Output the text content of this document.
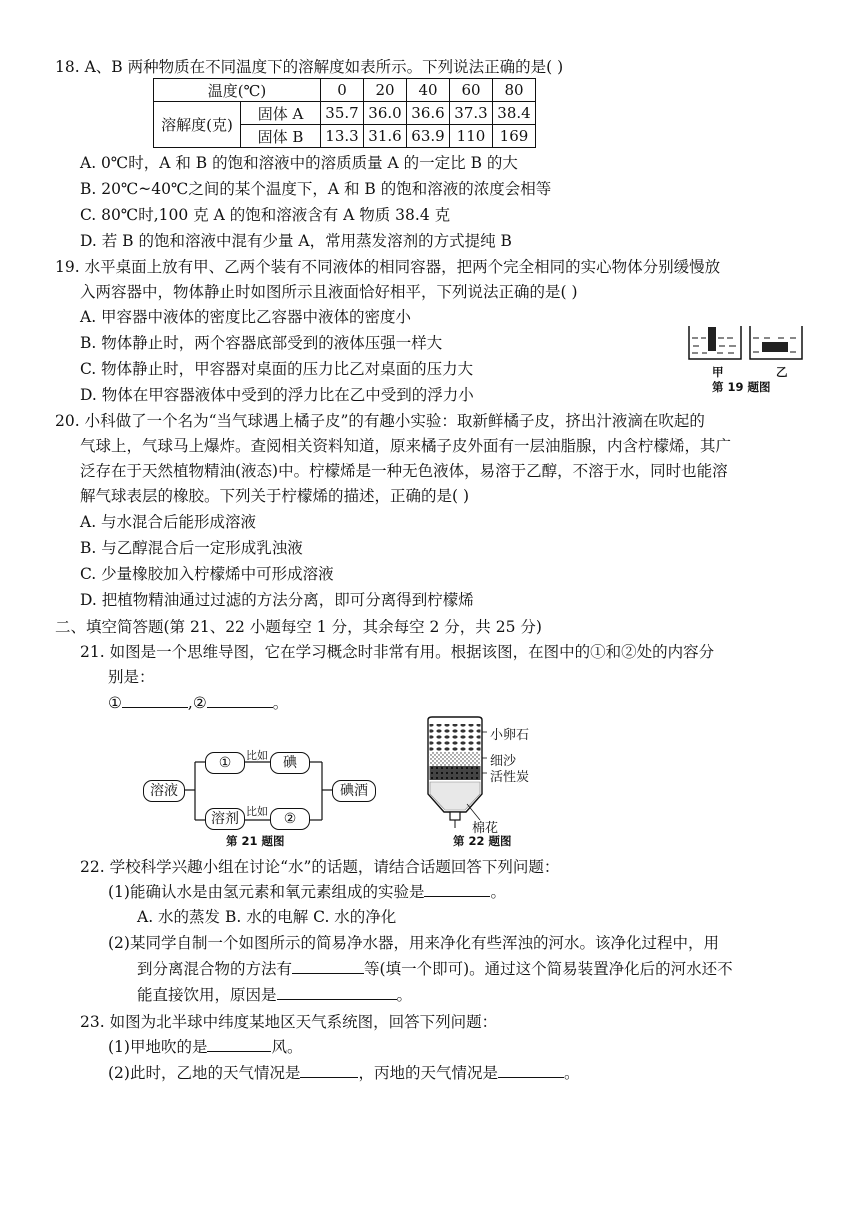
18. A、B 两种物质在不同温度下的溶解度如表所示。下列说法正确的是( )
温度(℃)		0	20	40	60	80
溶解度(克)	固体 A	35.7	36.0	36.6	37.3	38.4
	固体 B	13.3	31.6	63.9	110	169
A. 0℃时，A 和 B 的饱和溶液中的溶质质量 A 的一定比 B 的大
B. 20℃~40℃之间的某个温度下，A 和 B 的饱和溶液的浓度会相等
C. 80℃时,100 克 A 的饱和溶液含有 A 物质 38.4 克
D. 若 B 的饱和溶液中混有少量 A，常用蒸发溶剂的方式提纯 B
19. 水平桌面上放有甲、乙两个装有不同液体的相同容器，把两个完全相同的实心物体分别缓慢放
入两容器中，物体静止时如图所示且液面恰好相平，下列说法正确的是( )
A. 甲容器中液体的密度比乙容器中液体的密度小
B. 物体静止时，两个容器底部受到的液体压强一样大
C. 物体静止时，甲容器对桌面的压力比乙对桌面的压力大
D. 物体在甲容器液体中受到的浮力比在乙中受到的浮力小
甲	乙
第 19 题图
20. 小科做了一个名为“当气球遇上橘子皮”的有趣小实验：取新鲜橘子皮，挤出汁液滴在吹起的
气球上，气球马上爆炸。查阅相关资料知道，原来橘子皮外面有一层油脂腺，内含柠檬烯，其广
泛存在于天然植物精油(液态)中。柠檬烯是一种无色液体，易溶于乙醇，不溶于水，同时也能溶
解气球表层的橡胶。下列关于柠檬烯的描述，正确的是( )
A. 与水混合后能形成溶液
B. 与乙醇混合后一定形成乳浊液
C. 少量橡胶加入柠檬烯中可形成溶液
D. 把植物精油通过过滤的方法分离，即可分离得到柠檬烯
二、填空简答题(第 21、22 小题每空 1 分，其余每空 2 分，共 25 分)
21. 如图是一个思维导图，它在学习概念时非常有用。根据该图，在图中的①和②处的内容分
别是：
①	,②	。
溶液
①	比如	碘
溶剂 比如	②
碘酒
第 21 题图
小卵石
细沙
活性炭
棉花
第 22 题图
22. 学校科学兴趣小组在讨论“水”的话题，请结合话题回答下列问题：
(1)能确认水是由氢元素和氧元素组成的实验是	。
A. 水的蒸发 B. 水的电解 C. 水的净化
(2)某同学自制一个如图所示的简易净水器，用来净化有些浑浊的河水。该净化过程中，用
到分离混合物的方法有	等(填一个即可)。通过这个简易装置净化后的河水还不
能直接饮用，原因是	。
23. 如图为北半球中纬度某地区天气系统图，回答下列问题：
(1)甲地吹的是	风。
(2)此时，乙地的天气情况是	，丙地的天气情况是	。
